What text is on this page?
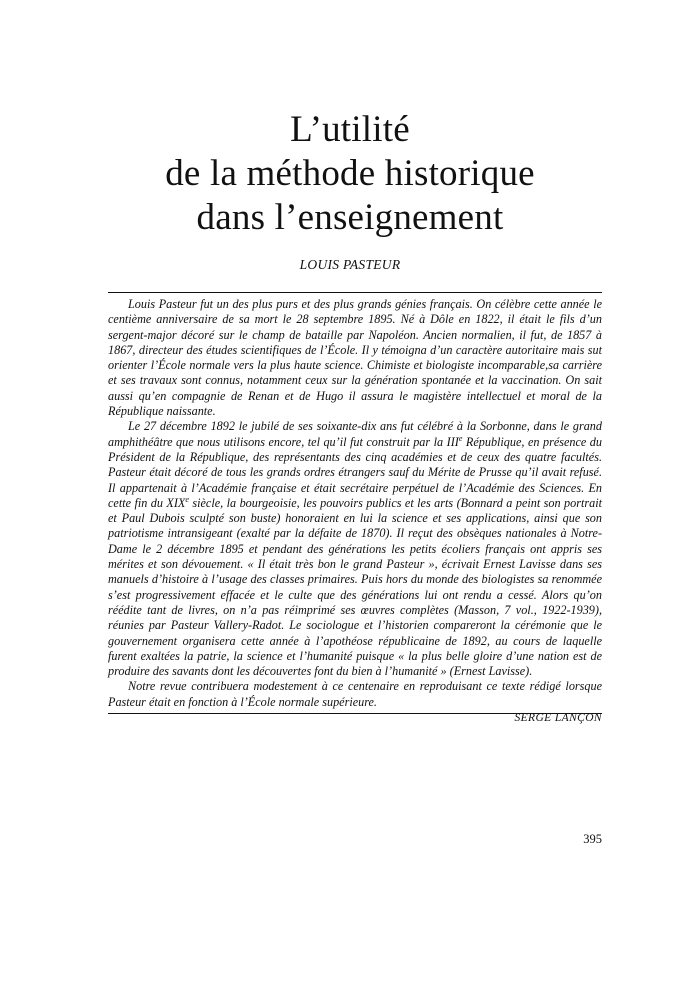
L’utilité
de la méthode historique
dans l’enseignement
LOUIS PASTEUR

Louis Pasteur fut un des plus purs et des plus grands génies français. On célèbre cette année le centième anniversaire de sa mort le 28 septembre 1895. Né à Dôle en 1822, il était le fils d’un sergent-major décoré sur le champ de bataille par Napoléon. Ancien normalien, il fut, de 1857 à 1867, directeur des études scientifiques de l’École. Il y témoigna d’un caractère autoritaire mais sut orienter l’École normale vers la plus haute science. Chimiste et biologiste incomparable,sa carrière et ses travaux sont connus, notamment ceux sur la génération spontanée et la vaccination. On sait aussi qu’en compagnie de Renan et de Hugo il assura le magistère intellectuel et moral de la République naissante.

Le 27 décembre 1892 le jubilé de ses soixante-dix ans fut célébré à la Sorbonne, dans le grand amphithéâtre que nous utilisons encore, tel qu’il fut construit par la IIIe République, en présence du Président de la République, des représentants des cinq académies et de ceux des quatre facultés. Pasteur était décoré de tous les grands ordres étrangers sauf du Mérite de Prusse qu’il avait refusé. Il appartenait à l’Académie française et était secrétaire perpétuel de l’Académie des Sciences. En cette fin du XIXe siècle, la bourgeoisie, les pouvoirs publics et les arts (Bonnard a peint son portrait et Paul Dubois sculpté son buste) honoraient en lui la science et ses applications, ainsi que son patriotisme intransigeant (exalté par la défaite de 1870). Il reçut des obsèques nationales à Notre-Dame le 2 décembre 1895 et pendant des générations les petits écoliers français ont appris ses mérites et son dévouement. « Il était très bon le grand Pasteur », écrivait Ernest Lavisse dans ses manuels d’histoire à l’usage des classes primaires. Puis hors du monde des biologistes sa renommée s’est progressivement effacée et le culte que des générations lui ont rendu a cessé. Alors qu’on réédite tant de livres, on n’a pas réimprimé ses œuvres complètes (Masson, 7 vol., 1922-1939), réunies par Pasteur Vallery-Radot. Le sociologue et l’historien compareront la cérémonie que le gouvernement organisera cette année à l’apothéose républicaine de 1892, au cours de laquelle furent exaltées la patrie, la science et l’humanité puisque « la plus belle gloire d’une nation est de produire des savants dont les découvertes font du bien à l’humanité » (Ernest Lavisse).

Notre revue contribuera modestement à ce centenaire en reproduisant ce texte rédigé lorsque Pasteur était en fonction à l’École normale supérieure.

SERGE LANÇON
395
